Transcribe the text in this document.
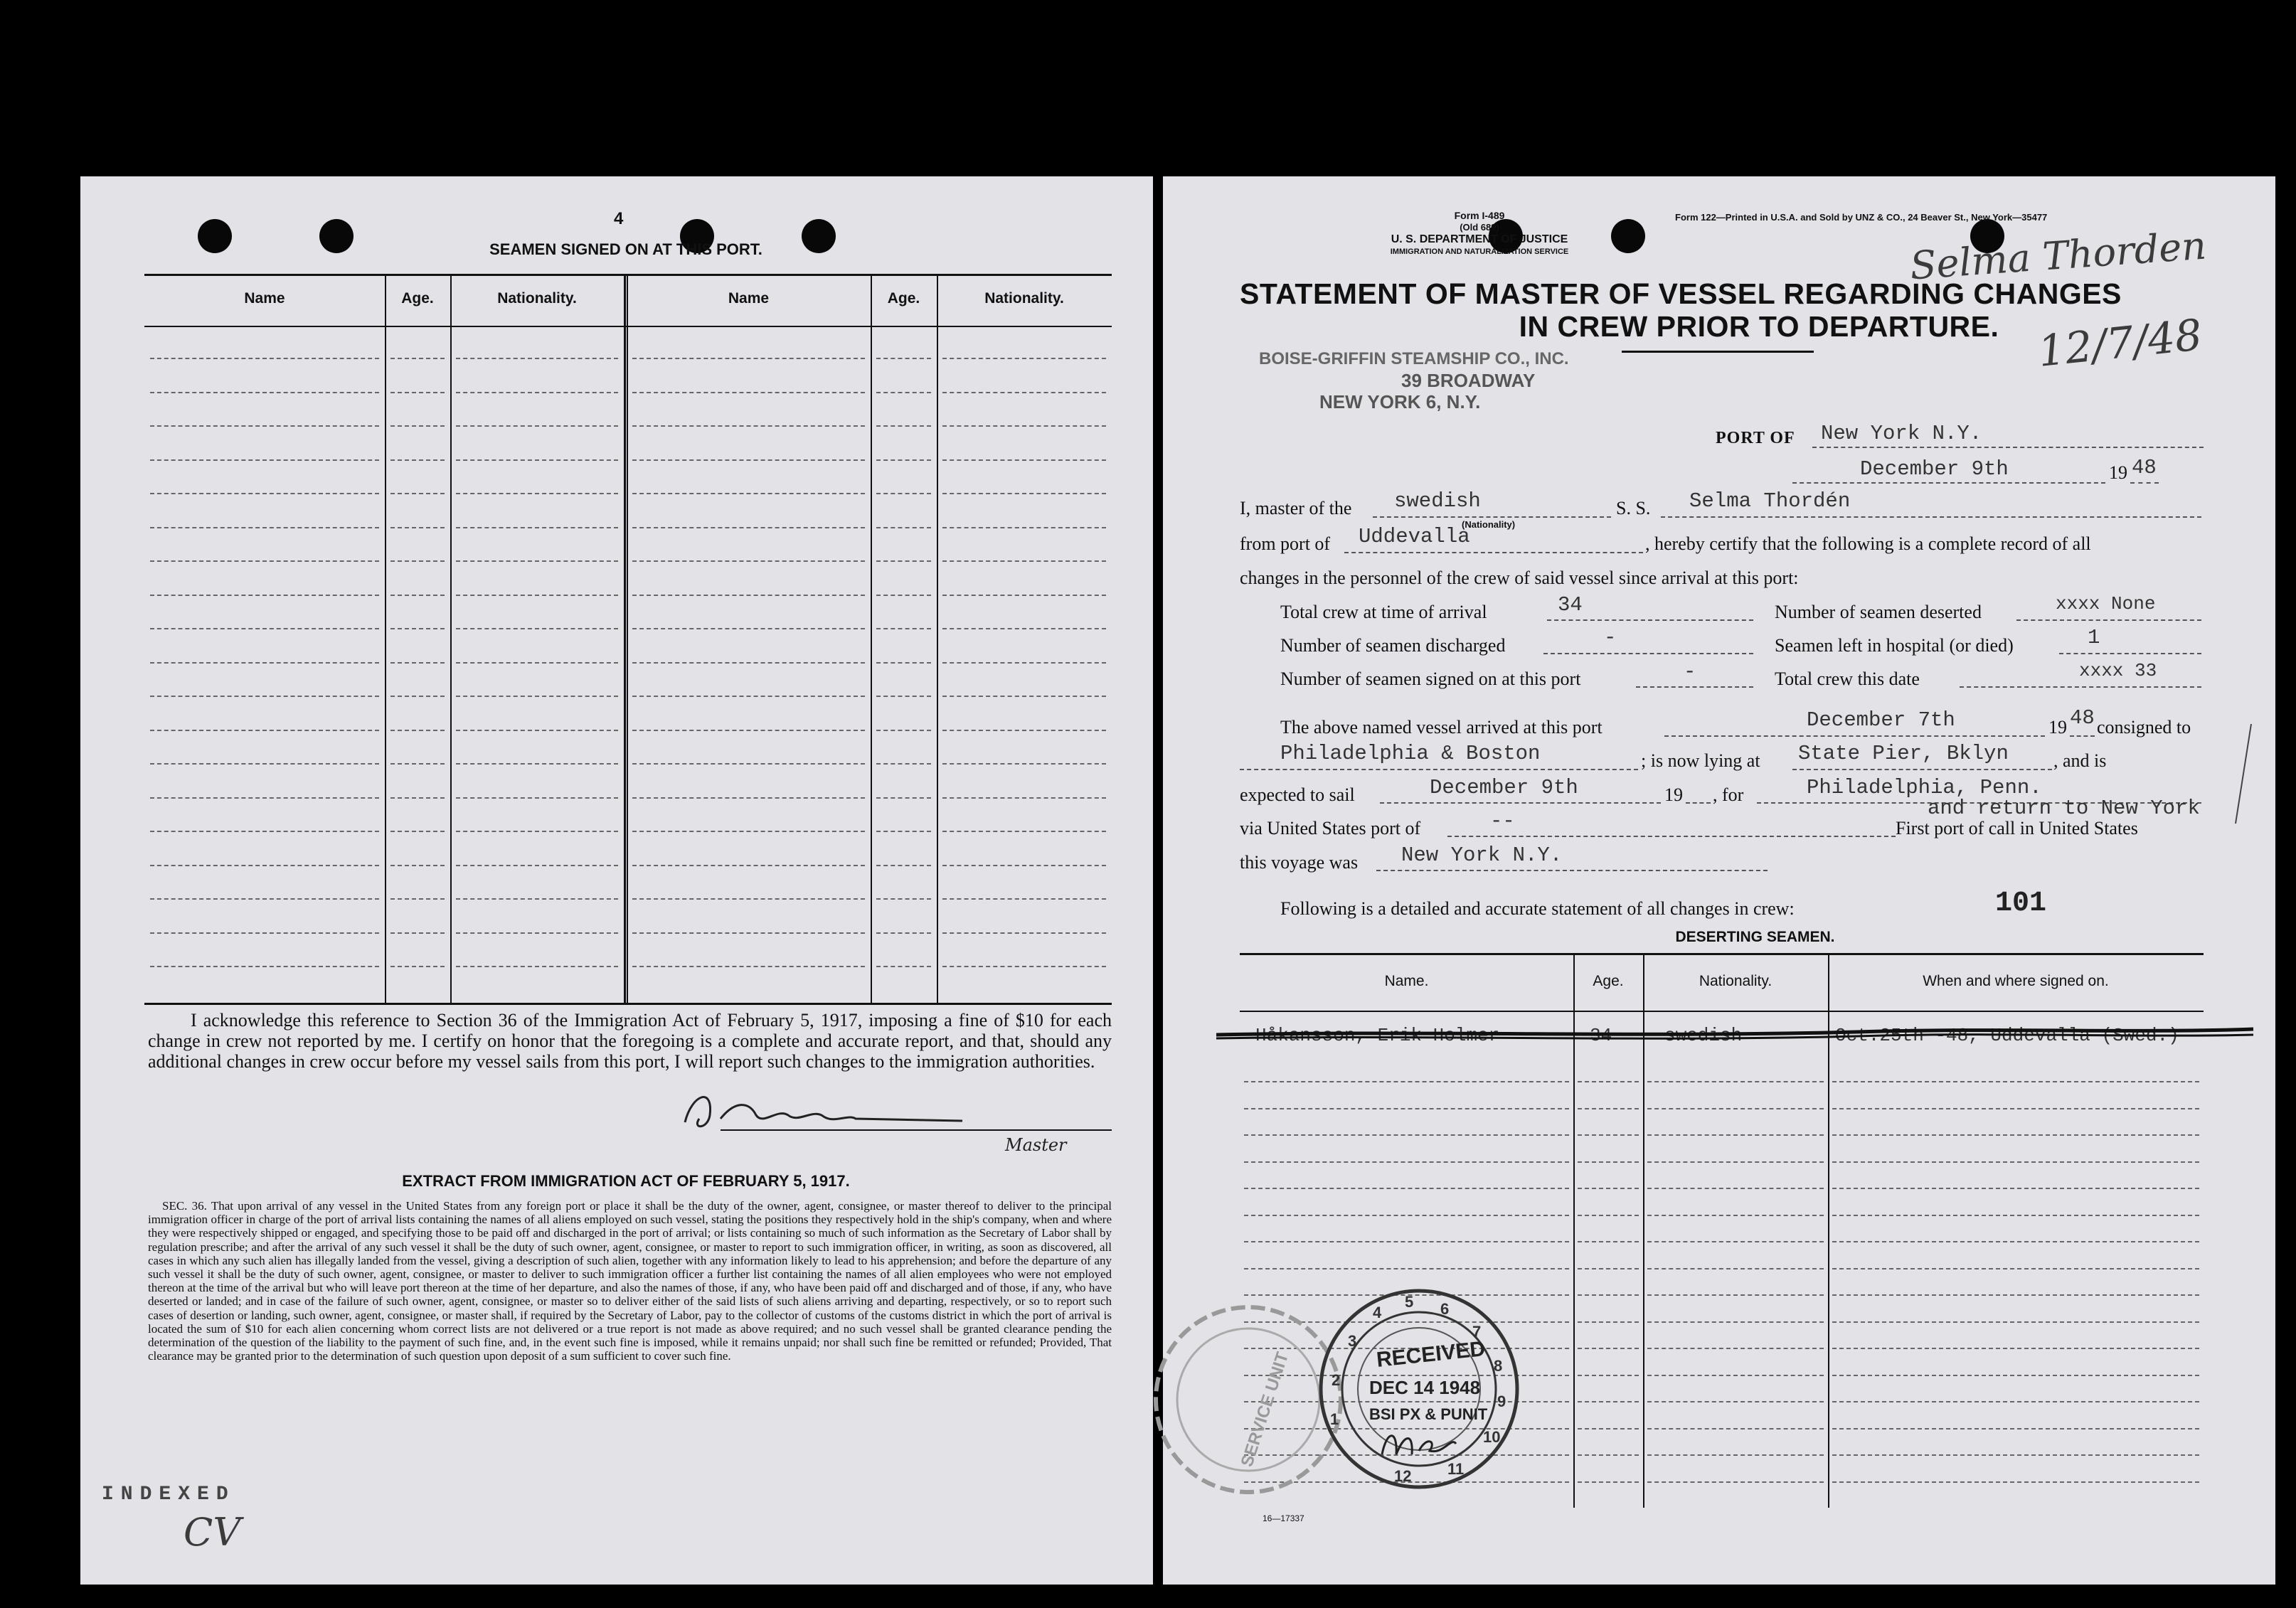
4
SEAMEN SIGNED ON AT THIS PORT.
Name	Age.	Nationality.	Name	Age.	Nationality.
I acknowledge this reference to Section 36 of the Immigration Act of February 5, 1917, imposing a fine of $10 for each change in crew not reported by me. I certify on honor that the foregoing is a complete and accurate report, and that, should any additional changes in crew occur before my vessel sails from this port, I will report such changes to the immigration authorities.
Master
EXTRACT FROM IMMIGRATION ACT OF FEBRUARY 5, 1917.
SEC. 36. That upon arrival of any vessel in the United States from any foreign port or place it shall be the duty of the owner, agent, consignee, or master thereof to deliver to the principal immigration officer in charge of the port of arrival lists containing the names of all aliens employed on such vessel, stating the positions they respectively hold in the ship's company, when and where they were respectively shipped or engaged, and specifying those to be paid off and discharged in the port of arrival; or lists containing so much of such information as the Secretary of Labor shall by regulation prescribe; and after the arrival of any such vessel it shall be the duty of such owner, agent, consignee, or master to report to such immigration officer, in writing, as soon as discovered, all cases in which any such alien has illegally landed from the vessel, giving a description of such alien, together with any information likely to lead to his apprehension; and before the departure of any such vessel it shall be the duty of such owner, agent, consignee, or master to deliver to such immigration officer a further list containing the names of all alien employees who were not employed thereon at the time of the arrival but who will leave port thereon at the time of her departure, and also the names of those, if any, who have been paid off and discharged and of those, if any, who have deserted or landed; and in case of the failure of such owner, agent, consignee, or master so to deliver either of the said lists of such aliens arriving and departing, respectively, or so to report such cases of desertion or landing, such owner, agent, consignee, or master shall, if required by the Secretary of Labor, pay to the collector of customs of the customs district in which the port of arrival is located the sum of $10 for each alien concerning whom correct lists are not delivered or a true report is not made as above required; and no such vessel shall be granted clearance pending the determination of the question of the liability to the payment of such fine, and, in the event such fine is imposed, while it remains unpaid; nor shall such fine be remitted or refunded; Provided, That clearance may be granted prior to the determination of such question upon deposit of a sum sufficient to cover such fine.
INDEXED
CV
Form I-489
(Old 689)
U. S. DEPARTMENT OF JUSTICE
IMMIGRATION AND NATURALIZATION SERVICE
Form 122—Printed in U.S.A. and Sold by UNZ & CO., 24 Beaver St., New York—35477
Selma Thorden
12/7/48
STATEMENT OF MASTER OF VESSEL REGARDING CHANGES
IN CREW PRIOR TO DEPARTURE.
BOISE-GRIFFIN STEAMSHIP CO., INC.
39 BROADWAY
NEW YORK 6, N.Y.
PORT OF New York N.Y.
December 9th	19 48
I, master of the swedish
(Nationality)
S. S. Selma Thordén
from port of Uddevalla	, hereby certify that the following is a complete record of all
changes in the personnel of the crew of said vessel since arrival at this port:
Total crew at time of arrival	34	Number of seamen deserted	xxxx None
Number of seamen discharged	-	Seamen left in hospital (or died)	1
Number of seamen signed on at this port	-	Total crew this date	xxxx 33
The above named vessel arrived at this port	December 7th	19 48 consigned to
Philadelphia & Boston	; is now lying at State Pier, Bklyn , and is
expected to sail	December 9th	19 , for	Philadelphia, Penn.
and return to New York
via United States port of	--	First port of call in United States
this voyage was New York N.Y.
Following is a detailed and accurate statement of all changes in crew:	101
DESERTING SEAMEN.
Name.	Age.	Nationality.	When and where signed on.
Håkansson, Erik Holmer	34	swedish	Oct.25th -48, Uddevalla (Swed.)
16—17337
SERVICE UNIT
5 6
7
8
9
10
11
12
1
2
3
4
RECEIVED
DEC 14 1948
BSI PX & PUNIT
